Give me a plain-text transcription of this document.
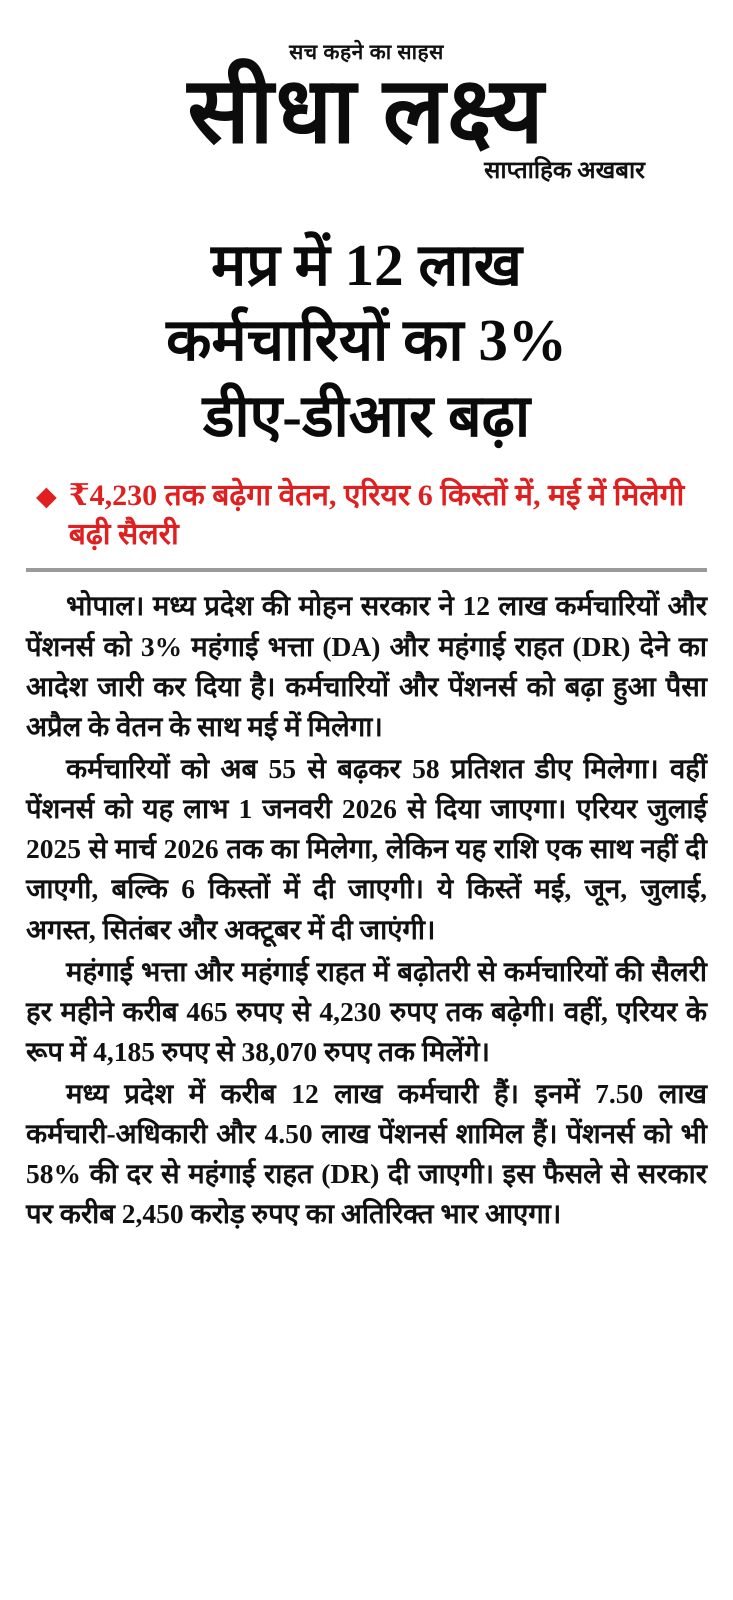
सच कहने का साहस
सीधा लक्ष्य
साप्ताहिक अखबार
मप्र में 12 लाख
कर्मचारियों का 3%
डीए-डीआर बढ़ा
◆ ₹4,230 तक बढ़ेगा वेतन, एरियर 6 किस्तों में, मई में मिलेगी बढ़ी सैलरी

भोपाल। मध्य प्रदेश की मोहन सरकार ने 12 लाख कर्मचारियों और पेंशनर्स को 3% महंगाई भत्ता (DA) और महंगाई राहत (DR) देने का आदेश जारी कर दिया है। कर्मचारियों और पेंशनर्स को बढ़ा हुआ पैसा अप्रैल के वेतन के साथ मई में मिलेगा।

कर्मचारियों को अब 55 से बढ़कर 58 प्रतिशत डीए मिलेगा। वहीं पेंशनर्स को यह लाभ 1 जनवरी 2026 से दिया जाएगा। एरियर जुलाई 2025 से मार्च 2026 तक का मिलेगा, लेकिन यह राशि एक साथ नहीं दी जाएगी, बल्कि 6 किस्तों में दी जाएगी। ये किस्तें मई, जून, जुलाई, अगस्त, सितंबर और अक्टूबर में दी जाएंगी।

महंगाई भत्ता और महंगाई राहत में बढ़ोतरी से कर्मचारियों की सैलरी हर महीने करीब 465 रुपए से 4,230 रुपए तक बढ़ेगी। वहीं, एरियर के रूप में 4,185 रुपए से 38,070 रुपए तक मिलेंगे।

मध्य प्रदेश में करीब 12 लाख कर्मचारी हैं। इनमें 7.50 लाख कर्मचारी-अधिकारी और 4.50 लाख पेंशनर्स शामिल हैं। पेंशनर्स को भी 58% की दर से महंगाई राहत (DR) दी जाएगी। इस फैसले से सरकार पर करीब 2,450 करोड़ रुपए का अतिरिक्त भार आएगा।
